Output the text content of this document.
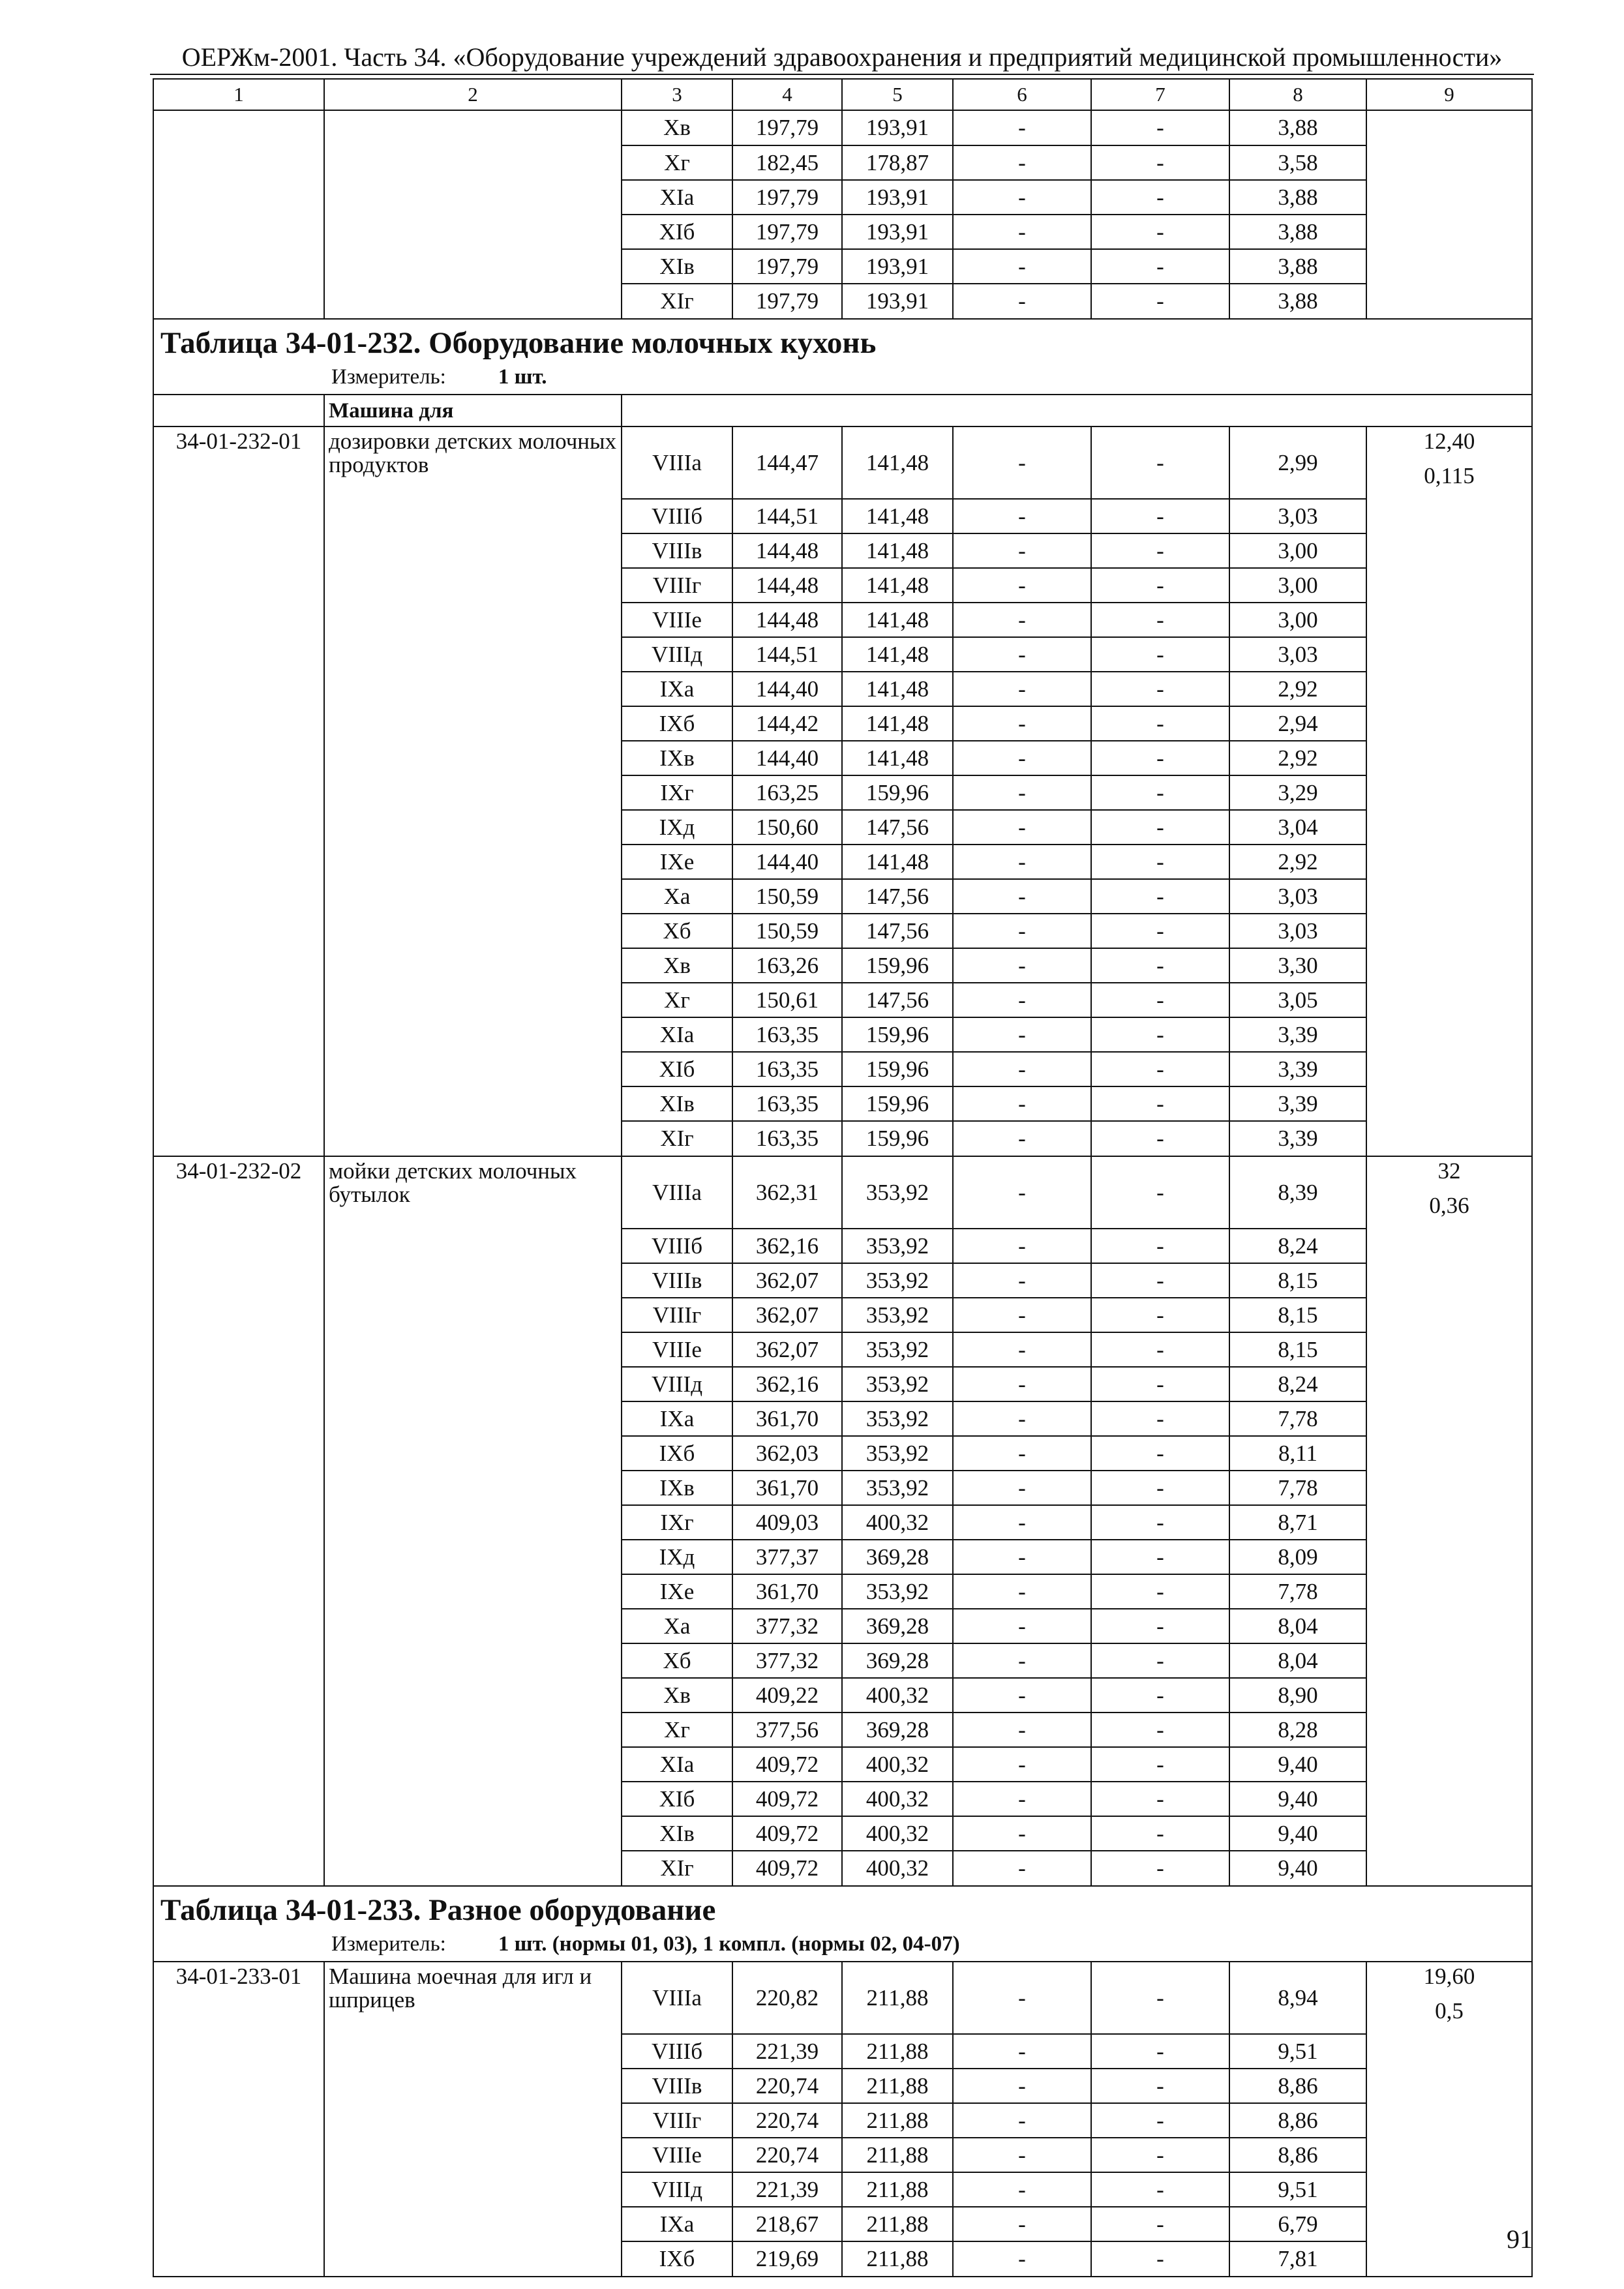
ОЕРЖм-2001. Часть 34. «Оборудование учреждений здравоохранения и предприятий медицинской промышленности»
1	2	3	4	5	6	7	8	9
		Хв	197,79	193,91	-	-	3,88	
		Хг	182,45	178,87	-	-	3,58	
		ХIа	197,79	193,91	-	-	3,88	
		ХIб	197,79	193,91	-	-	3,88	
		ХIв	197,79	193,91	-	-	3,88	
		ХIг	197,79	193,91	-	-	3,88	

Таблица 34-01-232. Оборудование молочных кухонь
Измеритель: 1 шт.								

	Машина для							
34-01-232-01	дозировки детских молочных продуктов	VIIIа	144,47	141,48	-	-	2,99	12,40
0,115

		VIIIб	144,51	141,48	-	-	3,03	
		VIIIв	144,48	141,48	-	-	3,00	
		VIIIг	144,48	141,48	-	-	3,00	
		VIIIе	144,48	141,48	-	-	3,00	
		VIIIд	144,51	141,48	-	-	3,03	
		IХа	144,40	141,48	-	-	2,92	
		IХб	144,42	141,48	-	-	2,94	
		IХв	144,40	141,48	-	-	2,92	
		IХг	163,25	159,96	-	-	3,29	
		IХд	150,60	147,56	-	-	3,04	
		IХе	144,40	141,48	-	-	2,92	
		Ха	150,59	147,56	-	-	3,03	
		Хб	150,59	147,56	-	-	3,03	
		Хв	163,26	159,96	-	-	3,30	
		Хг	150,61	147,56	-	-	3,05	
		ХIа	163,35	159,96	-	-	3,39	
		ХIб	163,35	159,96	-	-	3,39	
		ХIв	163,35	159,96	-	-	3,39	
		ХIг	163,35	159,96	-	-	3,39	
34-01-232-02	мойки детских молочных бутылок	VIIIа	362,31	353,92	-	-	8,39	32
0,36

		VIIIб	362,16	353,92	-	-	8,24	
		VIIIв	362,07	353,92	-	-	8,15	
		VIIIг	362,07	353,92	-	-	8,15	
		VIIIе	362,07	353,92	-	-	8,15	
		VIIIд	362,16	353,92	-	-	8,24	
		IХа	361,70	353,92	-	-	7,78	
		IХб	362,03	353,92	-	-	8,11	
		IХв	361,70	353,92	-	-	7,78	
		IХг	409,03	400,32	-	-	8,71	
		IХд	377,37	369,28	-	-	8,09	
		IХе	361,70	353,92	-	-	7,78	
		Ха	377,32	369,28	-	-	8,04	
		Хб	377,32	369,28	-	-	8,04	
		Хв	409,22	400,32	-	-	8,90	
		Хг	377,56	369,28	-	-	8,28	
		ХIа	409,72	400,32	-	-	9,40	
		ХIб	409,72	400,32	-	-	9,40	
		ХIв	409,72	400,32	-	-	9,40	
		ХIг	409,72	400,32	-	-	9,40	

Таблица 34-01-233. Разное оборудование
Измеритель: 1 шт. (нормы 01, 03), 1 компл. (нормы 02, 04-07)								

34-01-233-01	Машина моечная для игл и шприцев	VIIIа	220,82	211,88	-	-	8,94	19,60
0,5

		VIIIб	221,39	211,88	-	-	9,51	
		VIIIв	220,74	211,88	-	-	8,86	
		VIIIг	220,74	211,88	-	-	8,86	
		VIIIе	220,74	211,88	-	-	8,86	
		VIIIд	221,39	211,88	-	-	9,51	
		IХа	218,67	211,88	-	-	6,79	
		IХб	219,69	211,88	-	-	7,81	
91
